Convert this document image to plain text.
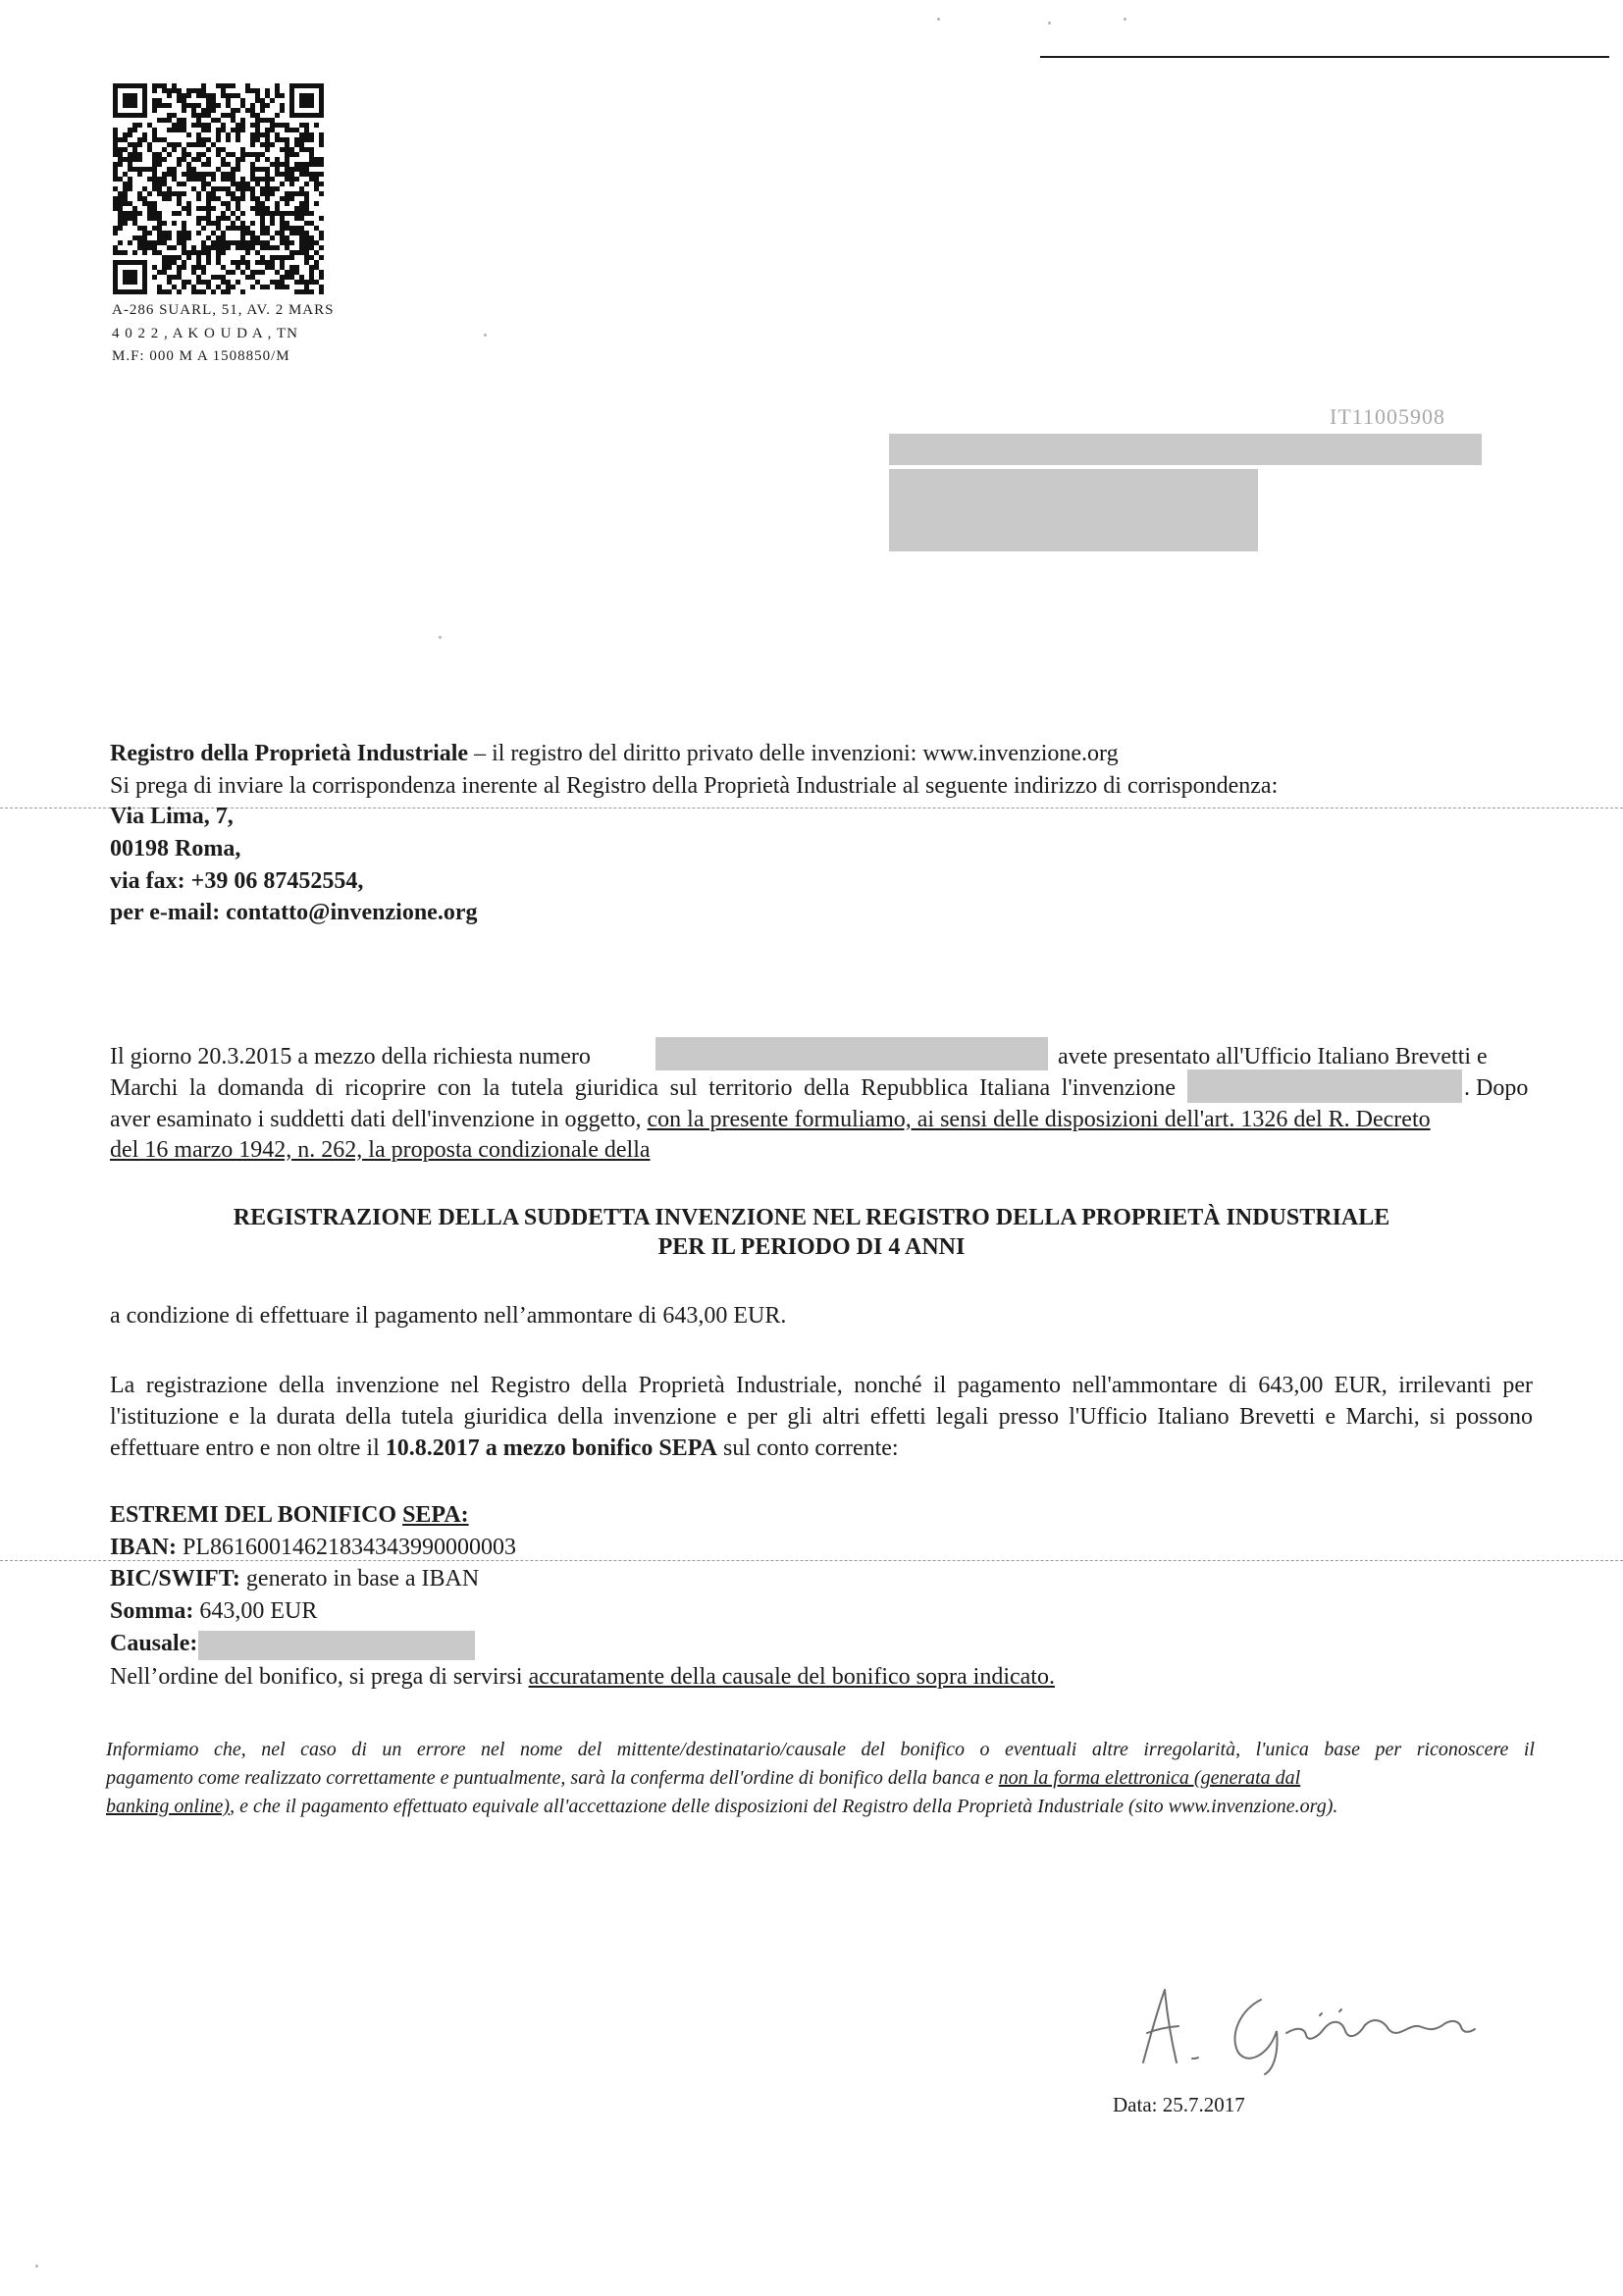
A-286 SUARL, 51, AV. 2 MARS
4 0 2 2 , A K O U D A , TN
M.F: 000 M A 1508850/M
IT11005908
Registro della Proprietà Industriale – il registro del diritto privato delle invenzioni: www.invenzione.org
Si prega di inviare la corrispondenza inerente al Registro della Proprietà Industriale al seguente indirizzo di corrispondenza:
Via Lima, 7,
00198 Roma,
via fax: +39 06 87452554,
per e-mail: contatto@invenzione.org
Il giorno 20.3.2015 a mezzo della richiesta numero	avete presentato all'Ufficio Italiano Brevetti e
Marchi la domanda di ricoprire con la tutela giuridica sul territorio della Repubblica Italiana l'invenzione	. Dopo
aver esaminato i suddetti dati dell'invenzione in oggetto, con la presente formuliamo, ai sensi delle disposizioni dell'art. 1326 del R. Decreto
del 16 marzo 1942, n. 262, la proposta condizionale della
REGISTRAZIONE DELLA SUDDETTA INVENZIONE NEL REGISTRO DELLA PROPRIETÀ INDUSTRIALE
PER IL PERIODO DI 4 ANNI
a condizione di effettuare il pagamento nell’ammontare di 643,00 EUR.
La registrazione della invenzione nel Registro della Proprietà Industriale, nonché il pagamento nell'ammontare di 643,00 EUR, irrilevanti per
l'istituzione e la durata della tutela giuridica della invenzione e per gli altri effetti legali presso l'Ufficio Italiano Brevetti e Marchi, si possono
effettuare entro e non oltre il 10.8.2017 a mezzo bonifico SEPA sul conto corrente:
ESTREMI DEL BONIFICO SEPA:
IBAN: PL86160014621834343990000003
BIC/SWIFT: generato in base a IBAN
Somma: 643,00 EUR
Causale:
Nell’ordine del bonifico, si prega di servirsi accuratamente della causale del bonifico sopra indicato.
Informiamo che, nel caso di un errore nel nome del mittente/destinatario/causale del bonifico o eventuali altre irregolarità, l'unica base per riconoscere il
pagamento come realizzato correttamente e puntualmente, sarà la conferma dell'ordine di bonifico della banca e non la forma elettronica (generata dal
banking online), e che il pagamento effettuato equivale all'accettazione delle disposizioni del Registro della Proprietà Industriale (sito www.invenzione.org).
Data: 25.7.2017
